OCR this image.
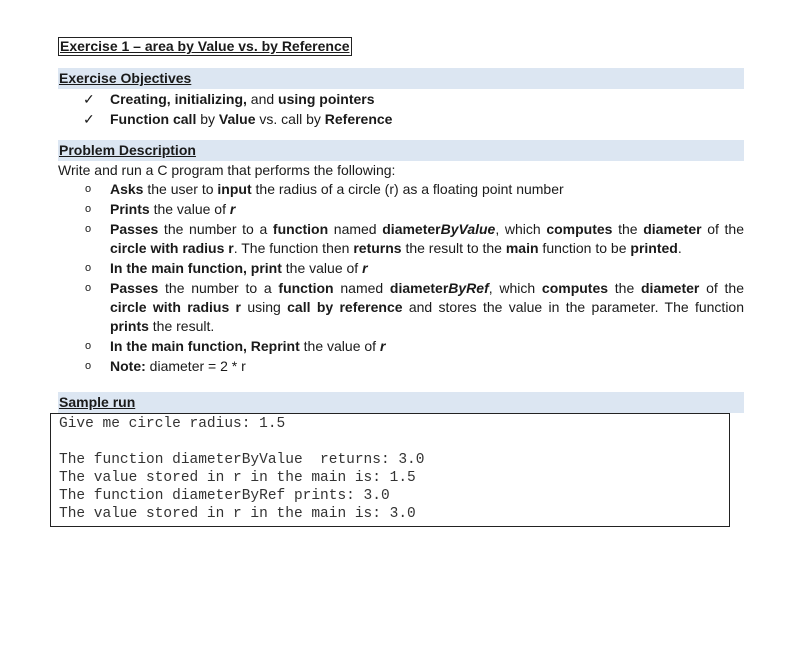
Exercise 1 – area by Value vs. by Reference
Exercise Objectives
✓	Creating, initializing, and using pointers
✓	Function call by Value vs. call by Reference
Problem Description
Write and run a C program that performs the following:
o	Asks the user to input the radius of a circle (r) as a floating point number
o	Prints the value of r
o	Passes the number to a function named diameterByValue, which computes the diameter of the circle with radius r. The function then returns the result to the main function to be printed.
o	In the main function, print the value of r
o	Passes the number to a function named diameterByRef, which computes the diameter of the circle with radius r using call by reference and stores the value in the parameter. The function prints the result.
o	In the main function, Reprint the value of r
o	Note: diameter = 2 * r
Sample run
Give me circle radius: 1.5
The function diameterByValue  returns: 3.0
The value stored in r in the main is: 1.5
The function diameterByRef prints: 3.0
The value stored in r in the main is: 3.0
